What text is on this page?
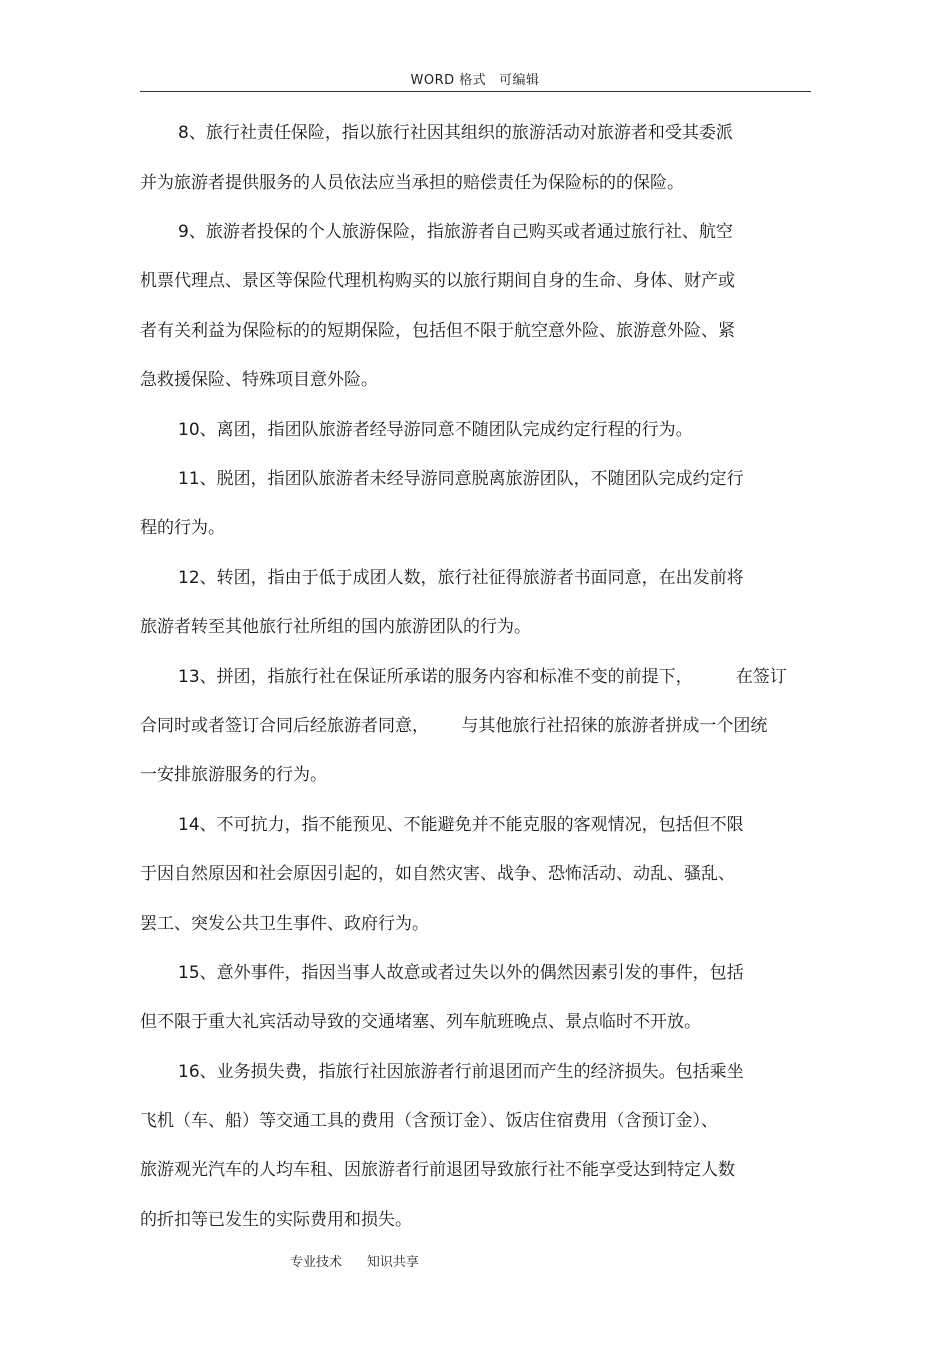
WORD 格式 可编辑
8、旅行社责任保险，指以旅行社因其组织的旅游活动对旅游者和受其委派
并为旅游者提供服务的人员依法应当承担的赔偿责任为保险标的的保险。
9、旅游者投保的个人旅游保险，指旅游者自己购买或者通过旅行社、航空
机票代理点、景区等保险代理机构购买的以旅行期间自身的生命、身体、财产或
者有关利益为保险标的的短期保险，包括但不限于航空意外险、旅游意外险、紧
急救援保险、特殊项目意外险。
10、离团，指团队旅游者经导游同意不随团队完成约定行程的行为。
11、脱团，指团队旅游者未经导游同意脱离旅游团队，不随团队完成约定行
程的行为。
12、转团，指由于低于成团人数，旅行社征得旅游者书面同意，在出发前将
旅游者转至其他旅行社所组的国内旅游团队的行为。
13、拼团，指旅行社在保证所承诺的服务内容和标准不变的前提下，        在签订
合同时或者签订合同后经旅游者同意，      与其他旅行社招徕的旅游者拼成一个团统
一安排旅游服务的行为。
14、不可抗力，指不能预见、不能避免并不能克服的客观情况，包括但不限
于因自然原因和社会原因引起的，如自然灾害、战争、恐怖活动、动乱、骚乱、
罢工、突发公共卫生事件、政府行为。
15、意外事件，指因当事人故意或者过失以外的偶然因素引发的事件，包括
但不限于重大礼宾活动导致的交通堵塞、列车航班晚点、景点临时不开放。
16、业务损失费，指旅行社因旅游者行前退团而产生的经济损失。包括乘坐
飞机（车、船）等交通工具的费用（含预订金）、饭店住宿费用（含预订金）、
旅游观光汽车的人均车租、因旅游者行前退团导致旅行社不能享受达到特定人数
的折扣等已发生的实际费用和损失。
专业技术 知识共享
